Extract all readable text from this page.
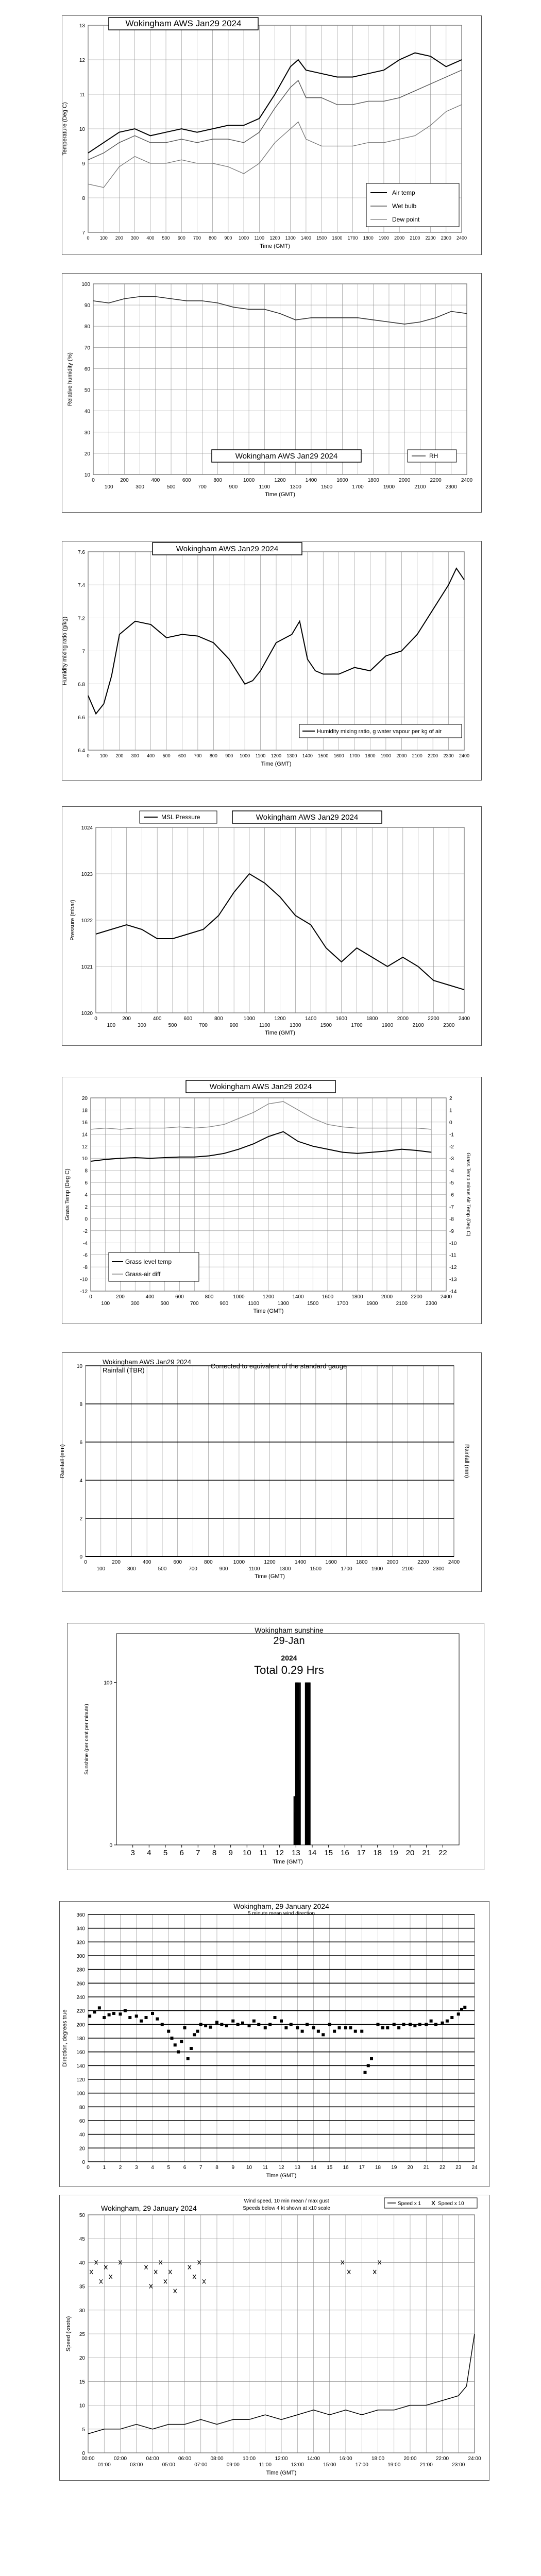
0 100 200 300 400 500 600 700 800 900 1000 1100 1200 1300 1400 1500 1600 1700 1800 1900 2000 2100 2200 2300 2400
7
8
9
10
11
12
13
Time (GMT)
Temperature (Deg C)
Wokingham AWS Jan29 2024
Air temp
Wet bulb
Dew point
0
100
200
300
400
500
600
700
800
900
1000
1100
1200
1300
1400
1500
1600
1700
1800
1900
2000
2100
2200
2300
2400
10
20
30
40
50
60
70
80
90
100
Time (GMT)
Relative humidity (%)
Wokingham AWS Jan29 2024	RH
0 100 200 300 400 500 600 700 800 900 1000 1100 1200 1300 1400 1500 1600 1700 1800 1900 2000 2100 2200 2300 2400
6.4
6.6
6.8
7
7.2
7.4
7.6
Time (GMT)
Humidity mixing ratio (g/kg)
Wokingham AWS Jan29 2024
Humidity mixing ratio, g water vapour per kg of air
0
100
200
300
400
500
600
700
800
900
1000
1100
1200
1300
1400
1500
1600
1700
1800
1900
2000
2100
2200
2300
2400
1020
1021
1022
1023
1024
Time (GMT)
Pressure (mbar)
Wokingham AWS Jan29 2024
MSL Pressure
0
100
200
300
400
500
600
700
800
900
1000
1100
1200
1300
1400
1500
1600
1700
1800
1900
2000
2100
2200
2300
2400
-12
-10
-8
-6
-4
-2
0
2
4
6
8
10
12
14
16
18
20
Time (GMT)
Grass Temp (Deg C)
-14
-13
-12
-11
-10
-9
-8
-7
-6
-5
-4
-3
-2
-1
0
1
2
Grass Temp minus Air Temp (Deg C)
Wokingham AWS Jan29 2024
Grass level temp
Grass-air diff
0
100
200
300
400
500
600
700
800
900
1000
1100
1200
1300
1400
1500
1600
1700
1800
1900
2000
2100
2200
2300
2400
0
2
4
6
8
10
Time (GMT)
Rainfall (mm)	Rainfall (mm)
Wokingham AWS Jan29 2024
Rainfall (TBR)
Corrected to equivalent of the standard gauge
3 4 5 6 7 8 9 10 11 12 13 14 15 16 17 18 19 20 21 22
0
100
Time (GMT)
Sunshine (per cent per minute)
Wokingham sunshine
29-Jan
2024
Total 0.29 Hrs
0	1	2	3	4	5	6	7	8	9 10 11 12 13 14 15 16 17 18 19 20 21 22 23 24
0
20
40
60
80
100
120
140
160
180
200
220
240
260
280
300
320
340
360
Time (GMT)
Direction, degrees true
Wokingham, 29 January 2024
5 minute mean wind direction
00:00
01:00
02:00
03:00
04:00
05:00
06:00
07:00
08:00
09:00
10:00
11:00
12:00
13:00
14:00
15:00
16:00
17:00
18:00
19:00
20:00
21:00
22:00
23:00
24:00
0
5
10
15
20
25
30
35
40
45
50
Time (GMT)
Speed (knots)
Wokingham, 29 January 2024
Wind speed, 10 min mean / max gust
Speeds below 4 kt shown at x10 scale
Speed x 1	Speed x 10
